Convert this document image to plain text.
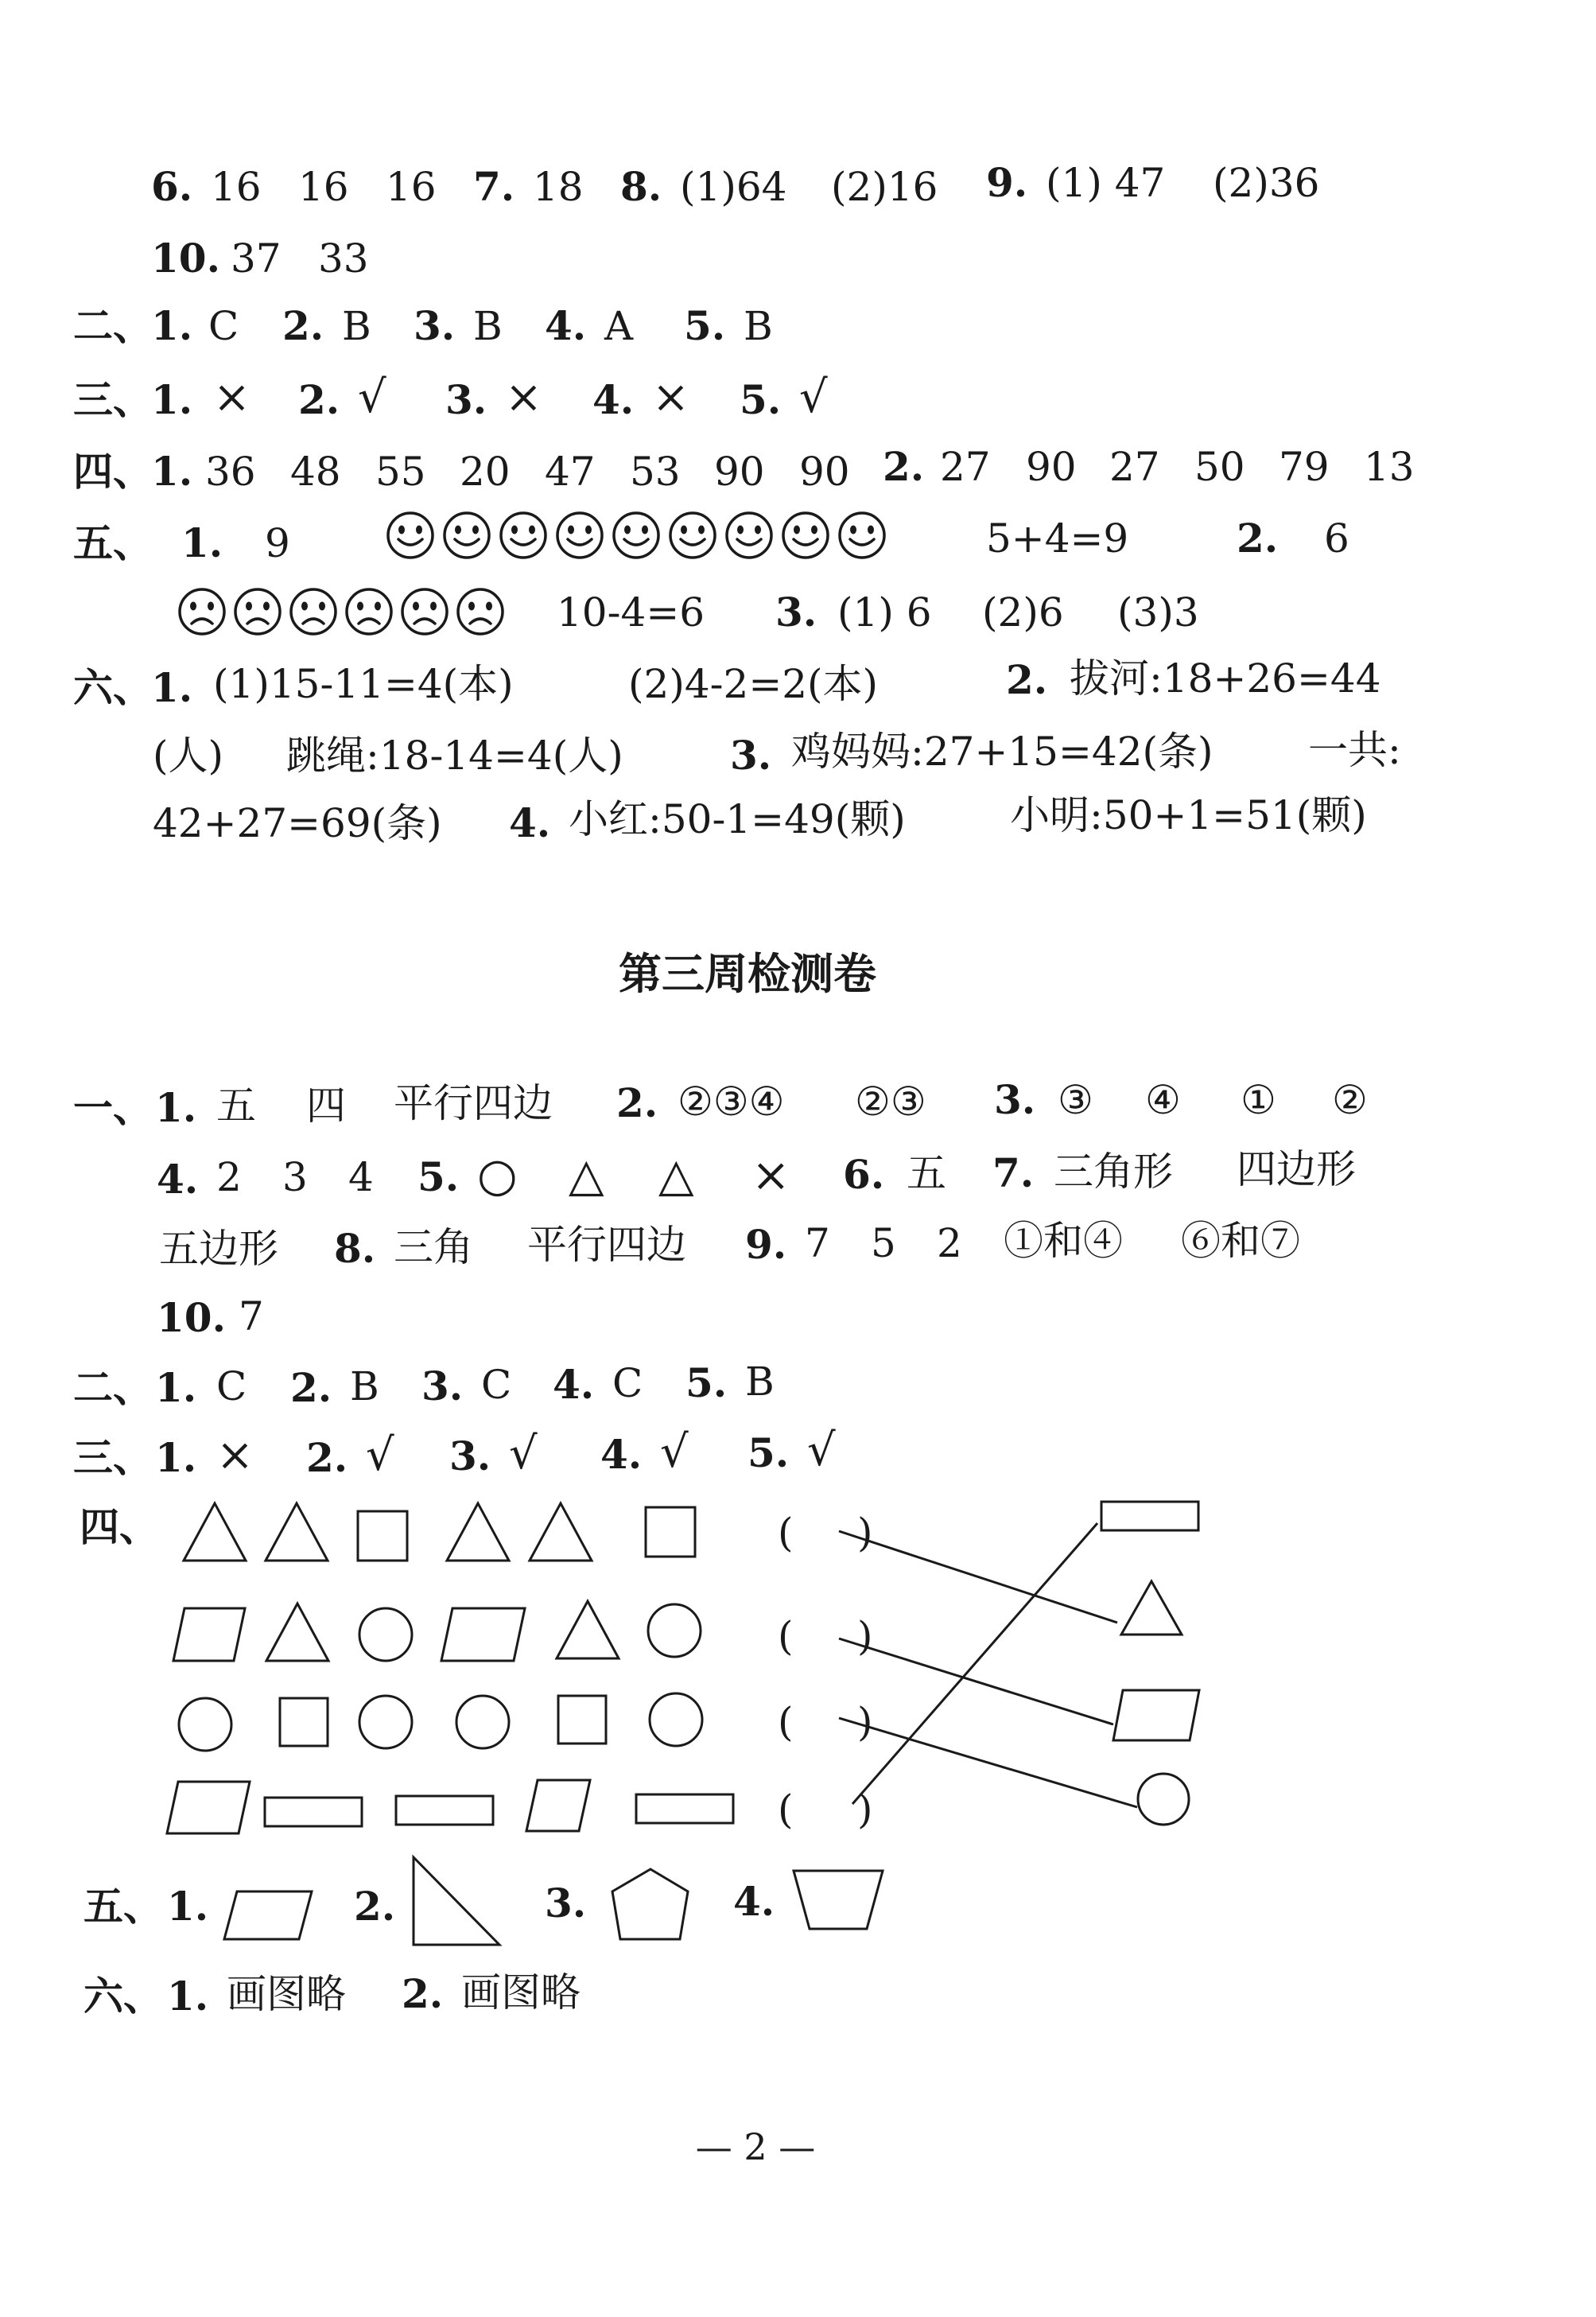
6. 16 16 16 7. 18 8. (1)64 (2)16 9. (1) 47 (2)36
10. 37 33
二、
1. C 2. B 3. B 4. A 5. B
三、
1. × 2. √ 3. × 4. × 5. √
四、
1. 36 48 55 20 47 53 90 90 2. 27 90 27 50 79 13
五、 1. 9	5+4=9	2. 6
10-4=6 3. (1) 6 (2)6 (3)3
六、
1. (1)15-11=4(本)	(2)4-2=2(本)	2. 拔河:18+26=44
(人) 跳绳:18-14=4(人)	3. 鸡妈妈:27+15=42(条) 一共:
42+27=69(条) 4. 小红:50-1=49(颗)	小明:50+1=51(颗)
第三周检测卷
一、 1. 五 四 平行四边 2. ②③④ ②③ 3. ③ ④ ① ②
4. 2 3 4 5. ○ △ △ × 6. 五 7. 三角形 四边形
五边形 8. 三角 平行四边 9. 7 5 2 ①和④ ⑥和⑦
10. 7
二、 1. C 2. B 3. C 4. C 5. B
三、 1. × 2. √ 3. √ 4. √ 5. √
四、	( )
( )
( )
( )
五、 1.	2.	3.	4.
六、 1. 画图略 2. 画图略
— 2 —
